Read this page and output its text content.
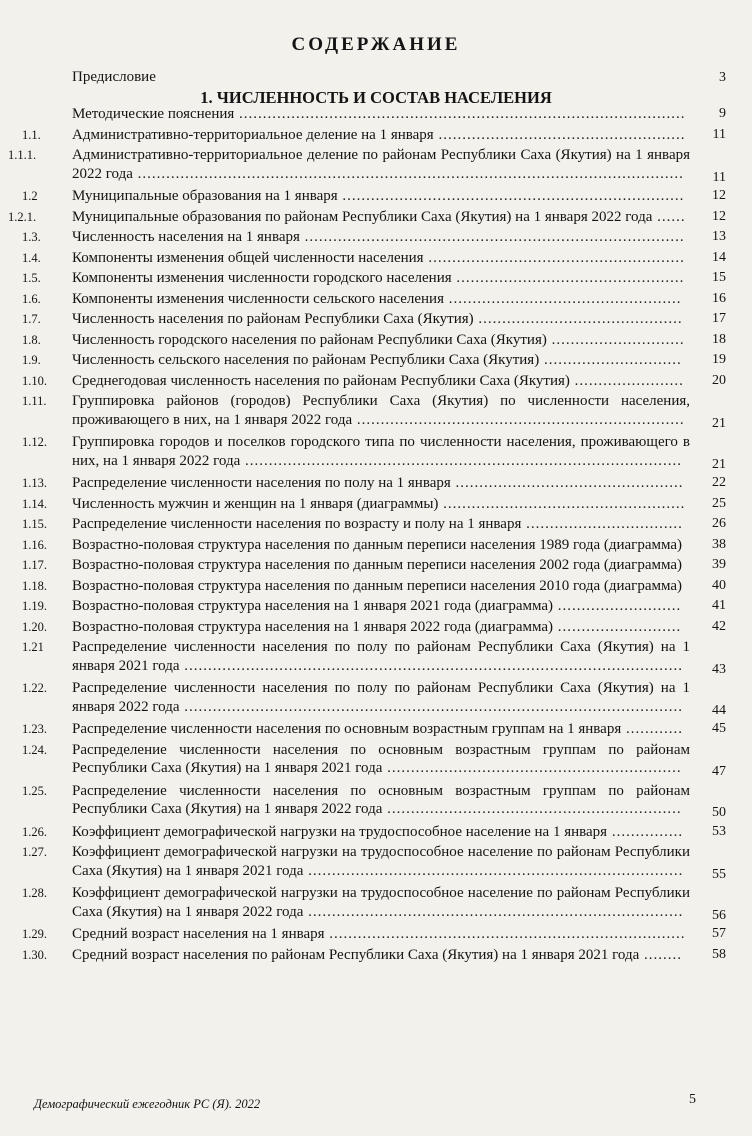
СОДЕРЖАНИЕ
Предисловие	3
1. ЧИСЛЕННОСТЬ И СОСТАВ НАСЕЛЕНИЯ
Методические пояснения ..............................................................................................	9
1.1. Административно-территориальное деление на 1 января ....................................................	11
1.1.1. Административно-территориальное деление по районам Республики Саха (Якутия) на 1 января 2022 года ...................................................................................................................	11
1.2 Муниципальные образования на 1 января ........................................................................	12
1.2.1. Муниципальные образования по районам Республики Саха (Якутия) на 1 января 2022 года ......	12
1.3. Численность населения на 1 января ................................................................................	13
1.4. Компоненты изменения общей численности населения ......................................................	14
1.5. Компоненты изменения численности городского населения ................................................	15
1.6. Компоненты изменения численности сельского населения .................................................	16
1.7. Численность населения по районам Республики Саха (Якутия) ...........................................	17
1.8. Численность городского населения по районам Республики Саха (Якутия) ............................	18
1.9. Численность сельского населения по районам Республики Саха (Якутия) .............................	19
1.10. Среднегодовая численность населения по районам Республики Саха (Якутия) .......................	20
1.11. Группировка районов (городов) Республики Саха (Якутия) по численности населения, проживающего в них, на 1 января 2022 года .....................................................................	21
1.12. Группировка городов и поселков городского типа по численности населения, проживающего в них, на 1 января 2022 года ............................................................................................	21
1.13. Распределение численности населения по полу на 1 января ................................................	22
1.14. Численность мужчин и женщин на 1 января (диаграммы) ...................................................	25
1.15. Распределение численности населения по возрасту и полу на 1 января .................................	26
1.16. Возрастно-половая структура населения по данным переписи населения 1989 года (диаграмма)	38
1.17. Возрастно-половая структура населения по данным переписи населения 2002 года (диаграмма)	39
1.18. Возрастно-половая структура населения по данным переписи населения 2010 года (диаграмма)	40
1.19. Возрастно-половая структура населения на 1 января 2021 года (диаграмма) ..........................	41
1.20. Возрастно-половая структура населения на 1 января 2022 года (диаграмма) ..........................	42
1.21 Распределение численности населения по полу по районам Республики Саха (Якутия) на 1 января 2021 года .........................................................................................................	43
1.22. Распределение численности населения по полу по районам Республики Саха (Якутия) на 1 января 2022 года .........................................................................................................	44
1.23. Распределение численности населения по основным возрастным группам на 1 января ............	45
1.24. Распределение численности населения по основным возрастным группам по районам Республики Саха (Якутия) на 1 января 2021 года ..............................................................	47
1.25. Распределение численности населения по основным возрастным группам по районам Республики Саха (Якутия) на 1 января 2022 года ..............................................................	50
1.26. Коэффициент демографической нагрузки на трудоспособное население на 1 января ...............	53
1.27. Коэффициент демографической нагрузки на трудоспособное население по районам Республики Саха (Якутия) на 1 января 2021 года ...............................................................................	55
1.28. Коэффициент демографической нагрузки на трудоспособное население по районам Республики Саха (Якутия) на 1 января 2022 года ...............................................................................	56
1.29. Средний возраст населения на 1 января ...........................................................................	57
1.30. Средний возраст населения по районам Республики Саха (Якутия) на 1 января 2021 года ........	58
Демографический ежегодник РС (Я). 2022	5
